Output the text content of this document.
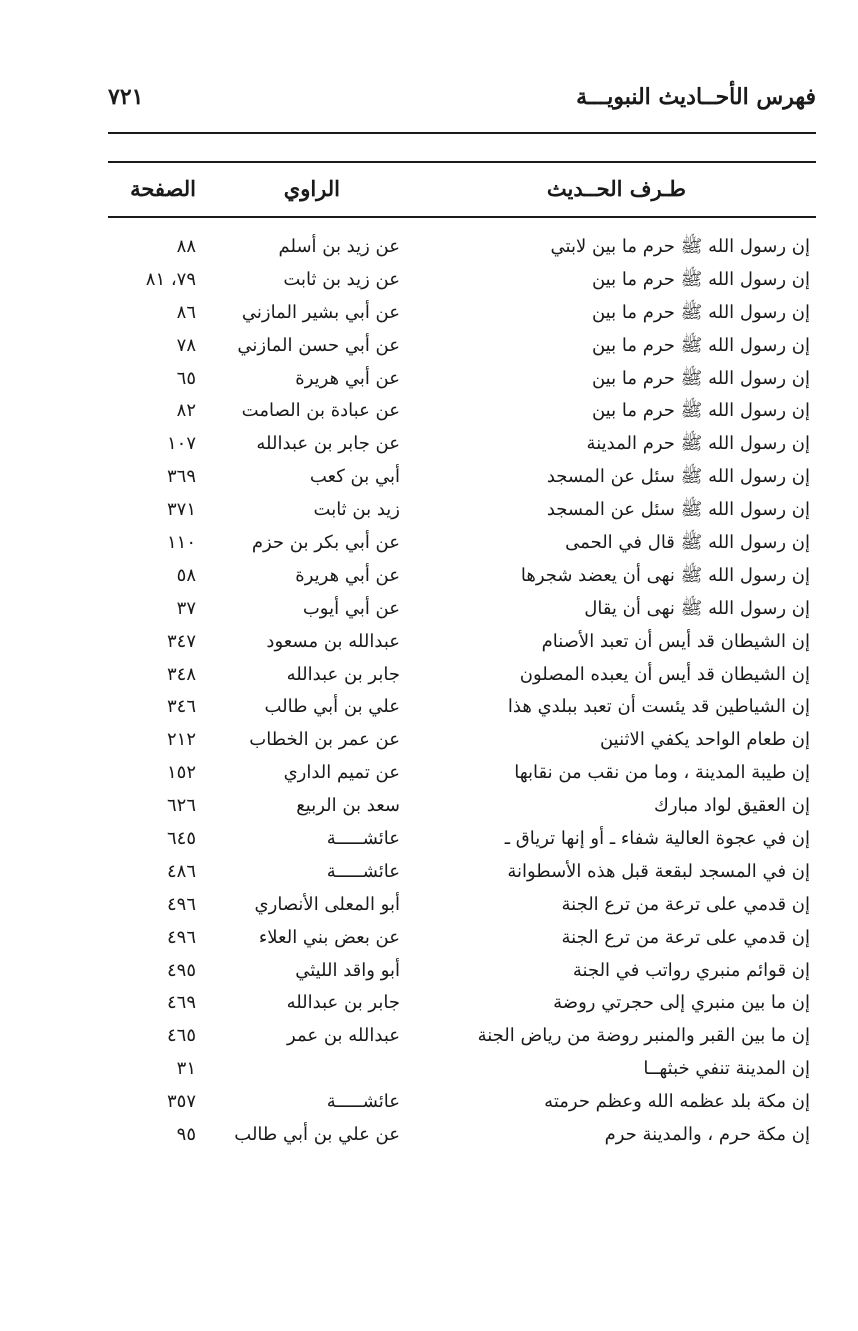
فهرس الأحــاديث النبويـــة
٧٢١
طـرف الحــديث
الراوي
الصفحة
إن رسول الله ﷺ حرم ما بين لابتي
عن زيد بن أسلم
٨٨
إن رسول الله ﷺ حرم ما بين
عن زيد بن ثابت
٧٩، ٨١
إن رسول الله ﷺ حرم ما بين
عن أبي بشير المازني
٨٦
إن رسول الله ﷺ حرم ما بين
عن أبي حسن المازني
٧٨
إن رسول الله ﷺ حرم ما بين
عن أبي هريرة
٦٥
إن رسول الله ﷺ حرم ما بين
عن عبادة بن الصامت
٨٢
إن رسول الله ﷺ حرم المدينة
عن جابر بن عبدالله
١٠٧
إن رسول الله ﷺ سئل عن المسجد
أبي بن كعب
٣٦٩
إن رسول الله ﷺ سئل عن المسجد
زيد بن ثابت
٣٧١
إن رسول الله ﷺ قال في الحمى
عن أبي بكر بن حزم
١١٠
إن رسول الله ﷺ نهى أن يعضد شجرها
عن أبي هريرة
٥٨
إن رسول الله ﷺ نهى أن يقال
عن أبي أيوب
٣٧
إن الشيطان قد أيس أن تعبد الأصنام
عبدالله بن مسعود
٣٤٧
إن الشيطان قد أيس أن يعبده المصلون
جابر بن عبدالله
٣٤٨
إن الشياطين قد يئست أن تعبد ببلدي هذا
علي بن أبي طالب
٣٤٦
إن طعام الواحد يكفي الاثنين
عن عمر بن الخطاب
٢١٢
إن طيبة المدينة ، وما من نقب من نقابها
عن تميم الداري
١٥٢
إن العقيق لواد مبارك
سعد بن الربيع
٦٢٦
إن في عجوة العالية شفاء ـ أو إنها ترياق ـ
عائشـــــة
٦٤٥
إن في المسجد لبقعة قبل هذه الأسطوانة
عائشـــــة
٤٨٦
إن قدمي على ترعة من ترع الجنة
أبو المعلى الأنصاري
٤٩٦
إن قدمي على ترعة من ترع الجنة
عن بعض بني العلاء
٤٩٦
إن قوائم منبري رواتب في الجنة
أبو واقد الليثي
٤٩٥
إن ما بين منبري إلى حجرتي روضة
جابر بن عبدالله
٤٦٩
إن ما بين القبر والمنبر روضة من رياض الجنة
عبدالله بن عمر
٤٦٥
إن المدينة تنفي خبثهــا
٣١
إن مكة بلد عظمه الله وعظم حرمته
عائشـــــة
٣٥٧
إن مكة حرم ، والمدينة حرم
عن علي بن أبي طالب
٩٥
